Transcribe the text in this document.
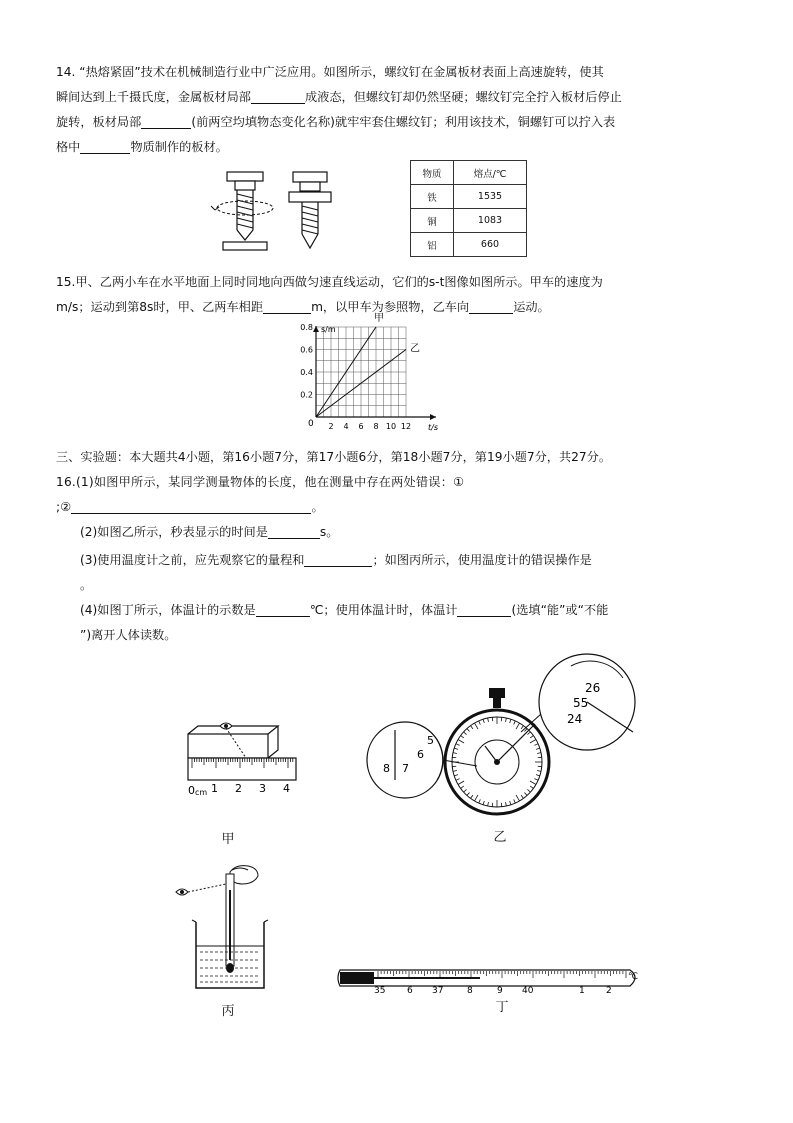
14. “热熔紧固”技术在机械制造行业中广泛应用。如图所示，螺纹钉在金属板材表面上高速旋转，使其
瞬间达到上千摄氏度，金属板材局部	成液态，但螺纹钉却仍然坚硬；螺纹钉完全拧入板材后停止
旋转，板材局部	(前两空均填物态变化名称)就牢牢套住螺纹钉；利用该技术，铜螺钉可以拧入表
格中	物质制作的板材。

物质	熔点/℃
铁	1535
铜	1083
铝	660

15.甲、乙两小车在水平地面上同时同地向西做匀速直线运动，它们的s-t图像如图所示。甲车的速度为
m/s；运动到第8s时，甲、乙两车相距	m，以甲车为参照物，乙车向	运动。

s/m
t/s
0 2 4 6 8 10 12
0.2
0.4
0.6
0.8
甲
乙

三、实验题：本大题共4小题，第16小题7分，第17小题6分，第18小题7分，第19小题7分，共27分。

16.(1)如图甲所示，某同学测量物体的长度，他在测量中存在两处错误：①
;②	。

(2)如图乙所示，秒表显示的时间是	s。

(3)使用温度计之前，应先观察它的量程和	；如图丙所示，使用温度计的错误操作是
。

(4)如图丁所示，体温计的示数是	℃；使用体温计时，体温计	(选填“能”或“不能
”)离开人体读数。

0 cm 1 2 3 4
甲
5
6
7
8
26
55
24
乙
丙
35 6 37	8	9 40	1 2
℃
丁
